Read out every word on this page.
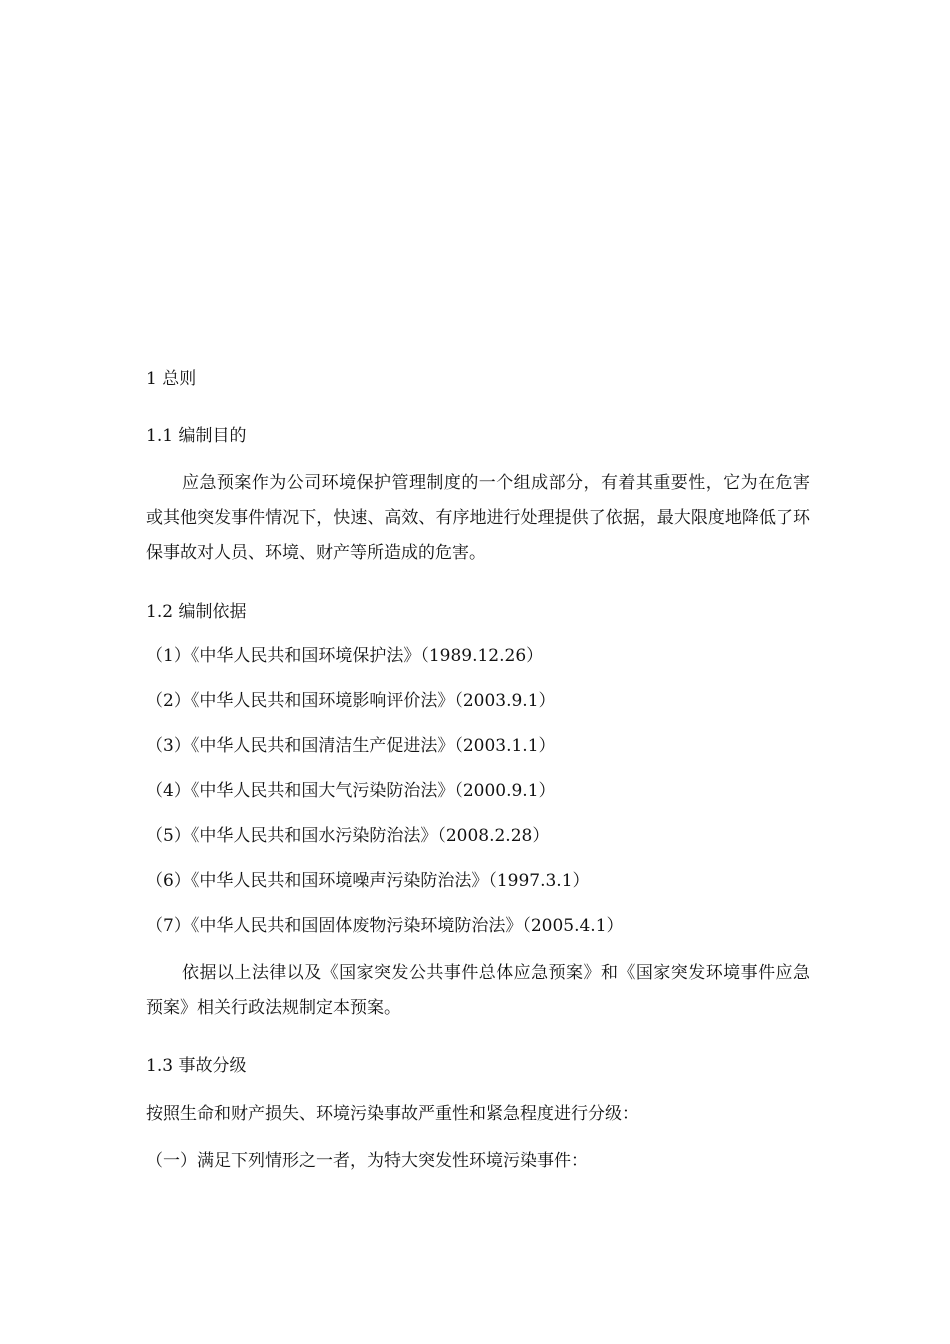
1 总则
1.1 编制目的
应急预案作为公司环境保护管理制度的一个组成部分，有着其重要性，它为在危害或其他突发事件情况下，快速、高效、有序地进行处理提供了依据，最大限度地降低了环保事故对人员、环境、财产等所造成的危害。
1.2 编制依据
（1）《中华人民共和国环境保护法》（1989.12.26）
（2）《中华人民共和国环境影响评价法》（2003.9.1）
（3）《中华人民共和国清洁生产促进法》（2003.1.1）
（4）《中华人民共和国大气污染防治法》（2000.9.1）
（5）《中华人民共和国水污染防治法》（2008.2.28）
（6）《中华人民共和国环境噪声污染防治法》（1997.3.1）
（7）《中华人民共和国固体废物污染环境防治法》（2005.4.1）
依据以上法律以及《国家突发公共事件总体应急预案》和《国家突发环境事件应急预案》相关行政法规制定本预案。
1.3 事故分级
按照生命和财产损失、环境污染事故严重性和紧急程度进行分级：
（一）满足下列情形之一者，为特大突发性环境污染事件：
